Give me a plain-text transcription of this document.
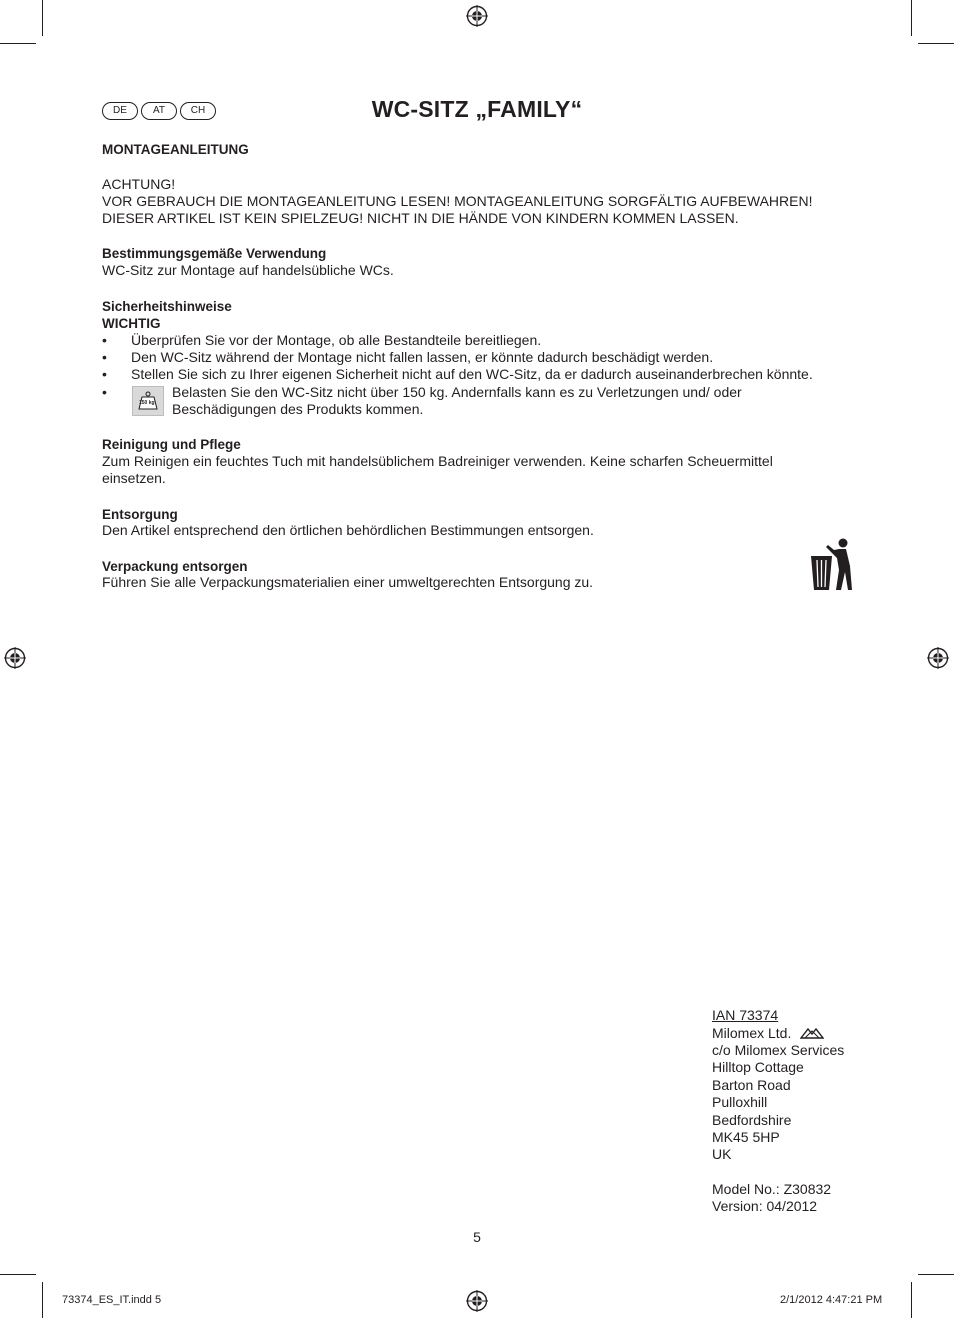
DE	AT	CH	WC-SITZ „FAMILY“
MONTAGEANLEITUNG
ACHTUNG!
VOR GEBRAUCH DIE MONTAGEANLEITUNG LESEN! MONTAGEANLEITUNG SORGFÄLTIG AUFBEWAHREN!
DIESER ARTIKEL IST KEIN SPIELZEUG! NICHT IN DIE HÄNDE VON KINDERN KOMMEN LASSEN.
Bestimmungsgemäße Verwendung
WC-Sitz zur Montage auf handelsübliche WCs.
Sicherheitshinweise
WICHTIG
• Überprüfen Sie vor der Montage, ob alle Bestandteile bereitliegen.
• Den WC-Sitz während der Montage nicht fallen lassen, er könnte dadurch beschädigt werden.
• Stellen Sie sich zu Ihrer eigenen Sicherheit nicht auf den WC-Sitz, da er dadurch auseinanderbrechen könnte.
•
150 kg
Belasten Sie den WC-Sitz nicht über 150 kg. Andernfalls kann es zu Verletzungen und/ oder
Beschädigungen des Produkts kommen.
Reinigung und Pflege
Zum Reinigen ein feuchtes Tuch mit handelsüblichem Badreiniger verwenden. Keine scharfen Scheuermittel
einsetzen.
Entsorgung
Den Artikel entsprechend den örtlichen behördlichen Bestimmungen entsorgen.
Verpackung entsorgen
Führen Sie alle Verpackungsmaterialien einer umweltgerechten Entsorgung zu.
IAN 73374
Milomex Ltd.
c/o Milomex Services
Hilltop Cottage
Barton Road
Pulloxhill
Bedfordshire
MK45 5HP
UK
Model No.: Z30832
Version: 04/2012
5
73374_ES_IT.indd 5	2/1/2012 4:47:21 PM
